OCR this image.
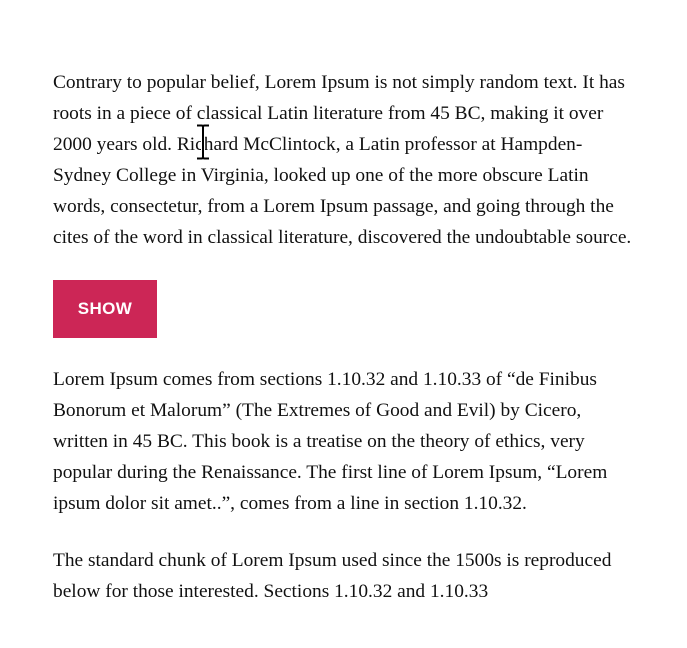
Contrary to popular belief, Lorem Ipsum is not simply random text. It has roots in a piece of classical Latin literature from 45 BC, making it over 2000 years old. Richard McClintock, a Latin professor at Hampden-Sydney College in Virginia, looked up one of the more obscure Latin words, consectetur, from a Lorem Ipsum passage, and going through the cites of the word in classical literature, discovered the undoubtable source.

SHOW

Lorem Ipsum comes from sections 1.10.32 and 1.10.33 of “de Finibus Bonorum et Malorum” (The Extremes of Good and Evil) by Cicero, written in 45 BC. This book is a treatise on the theory of ethics, very popular during the Renaissance. The first line of Lorem Ipsum, “Lorem ipsum dolor sit amet..”, comes from a line in section 1.10.32.

The standard chunk of Lorem Ipsum used since the 1500s is reproduced below for those interested. Sections 1.10.32 and 1.10.33
